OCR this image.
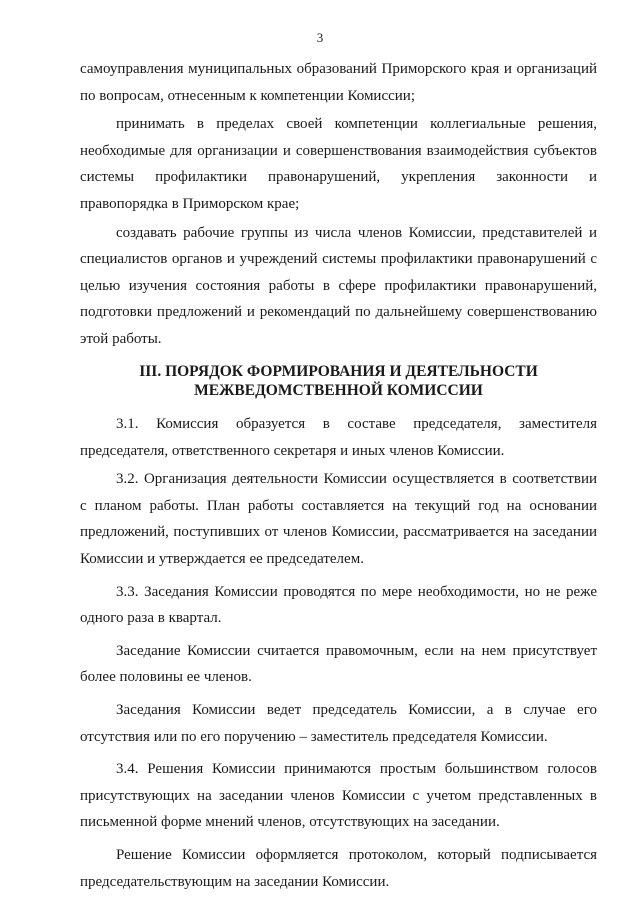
3

самоуправления муниципальных образований Приморского края и организаций по вопросам, отнесенным к компетенции Комиссии;

принимать в пределах своей компетенции коллегиальные решения, необходимые для организации и совершенствования взаимодействия субъектов системы профилактики правонарушений, укрепления законности и правопорядка в Приморском крае;

создавать рабочие группы из числа членов Комиссии, представителей и специалистов органов и учреждений системы профилактики правонарушений с целью изучения состояния работы в сфере профилактики правонарушений, подготовки предложений и рекомендаций по дальнейшему совершенствованию этой работы.

III. ПОРЯДОК ФОРМИРОВАНИЯ И ДЕЯТЕЛЬНОСТИ
МЕЖВЕДОМСТВЕННОЙ КОМИССИИ

3.1. Комиссия образуется в составе председателя, заместителя председателя, ответственного секретаря и иных членов Комиссии.

3.2. Организация деятельности Комиссии осуществляется в соответствии с планом работы. План работы составляется на текущий год на основании предложений, поступивших от членов Комиссии, рассматривается на заседании Комиссии и утверждается ее председателем.

3.3. Заседания Комиссии проводятся по мере необходимости, но не реже одного раза в квартал.

Заседание Комиссии считается правомочным, если на нем присутствует более половины ее членов.

Заседания Комиссии ведет председатель Комиссии, а в случае его отсутствия или по его поручению – заместитель председателя Комиссии.

3.4. Решения Комиссии принимаются простым большинством голосов присутствующих на заседании членов Комиссии с учетом представленных в письменной форме мнений членов, отсутствующих на заседании.

Решение Комиссии оформляется протоколом, который подписывается председательствующим на заседании Комиссии.
